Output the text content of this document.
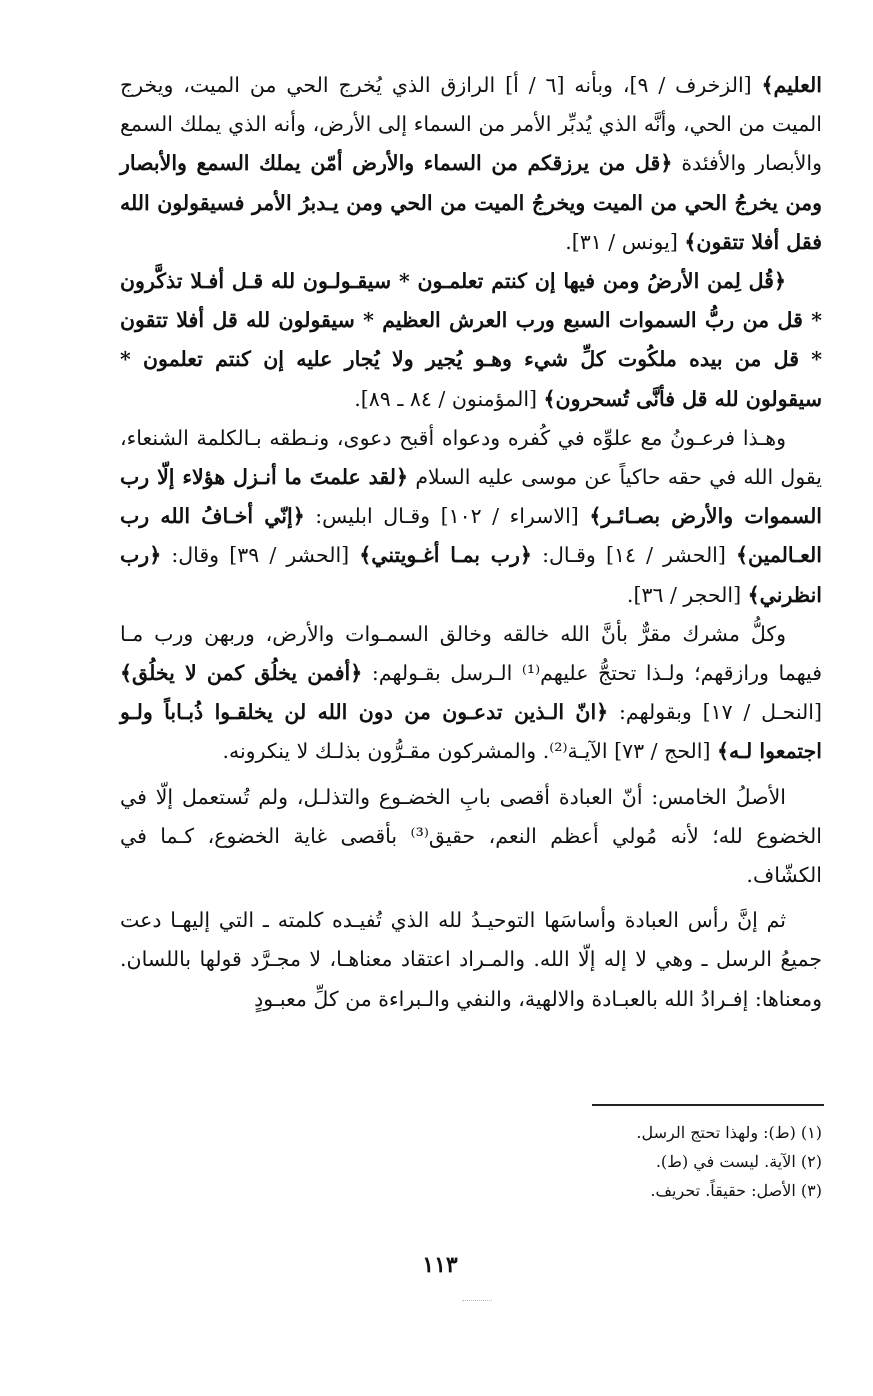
العليم﴾ [الزخرف / ٩]، وبأنه [٦ / أ] الرازق الذي يُخرج الحي من الميت، ويخرج الميت من الحي، وأنَّه الذي يُدبِّر الأمر من السماء إلى الأرض، وأنه الذي يملك السمع والأبصار والأفئدة ﴿قل من يرزقكم من السماء والأرض أمّن يملك السمع والأبصار ومن يخرجُ الحي من الميت ويخرجُ الميت من الحي ومن يـدبرُ الأمر فسيقولون الله فقل أفلا تتقون﴾ [يونس / ٣١].

﴿قُل لِمن الأرضُ ومن فيها إن كنتم تعلمـون * سيقـولـون لله قـل أفـلا تذكَّرون * قل من ربُّ السموات السبع ورب العرش العظيم * سيقولون لله قل أفلا تتقون * قل من بيده ملكُوت كلِّ شيء وهـو يُجير ولا يُجار عليه إن كنتم تعلمون * سيقولون لله قل فأنَّى تُسحرون﴾ [المؤمنون / ٨٤ ـ ٨٩].

وهـذا فرعـونُ مع علوِّه في كُفره ودعواه أقبح دعوى، ونـطقه بـالكلمة الشنعاء، يقول الله في حقه حاكياً عن موسى عليه السلام ﴿لقد علمتَ ما أنـزل هؤلاء إلّا رب السموات والأرض بصـائـر﴾ [الاسراء / ١٠٢] وقـال ابليس: ﴿إنّي أخـافُ الله رب العـالمين﴾ [الحشر / ١٤] وقـال: ﴿رب بمـا أغـويتني﴾ [الحشر / ٣٩] وقال: ﴿رب انظرني﴾ [الحجر / ٣٦].

وكلُّ مشرك مقرٌّ بأنَّ الله خالقه وخالق السمـوات والأرض، وربهن ورب مـا فيهما ورازقهم؛ ولـذا تحتجُّ عليهم⁽¹⁾ الـرسل بقـولهم: ﴿أفمن يخلُق كمن لا يخلُق﴾ [النحـل / ١٧] وبقولهم: ﴿انّ الـذين تدعـون من دون الله لن يخلقـوا ذُبـاباً ولـو اجتمعوا لـه﴾ [الحج / ٧٣] الآيـة⁽²⁾. والمشركون مقـرُّون بذلـك لا ينكرونه.

الأصلُ الخامس: أنّ العبادة أقصى بابِ الخضـوع والتذلـل، ولم تُستعمل إلّا في الخضوع لله؛ لأنه مُولي أعظم النعم، حقيق⁽³⁾ بأقصى غاية الخضوع، كـما في الكشّاف.

ثم إنَّ رأس العبادة وأساسَها التوحيـدُ لله الذي تُفيـده كلمته ـ التي إليهـا دعت جميعُ الرسل ـ وهي لا إله إلّا الله. والمـراد اعتقاد معناهـا، لا مجـرَّد قولها باللسان. ومعناها: إفـرادُ الله بالعبـادة والالهية، والنفي والـبراءة من كلِّ معبـودٍ

(١) (ط): ولهذا تحتج الرسل.

(٢) الآية. ليست في (ط).

(٣) الأصل: حقيقاً. تحريف.

١١٣
